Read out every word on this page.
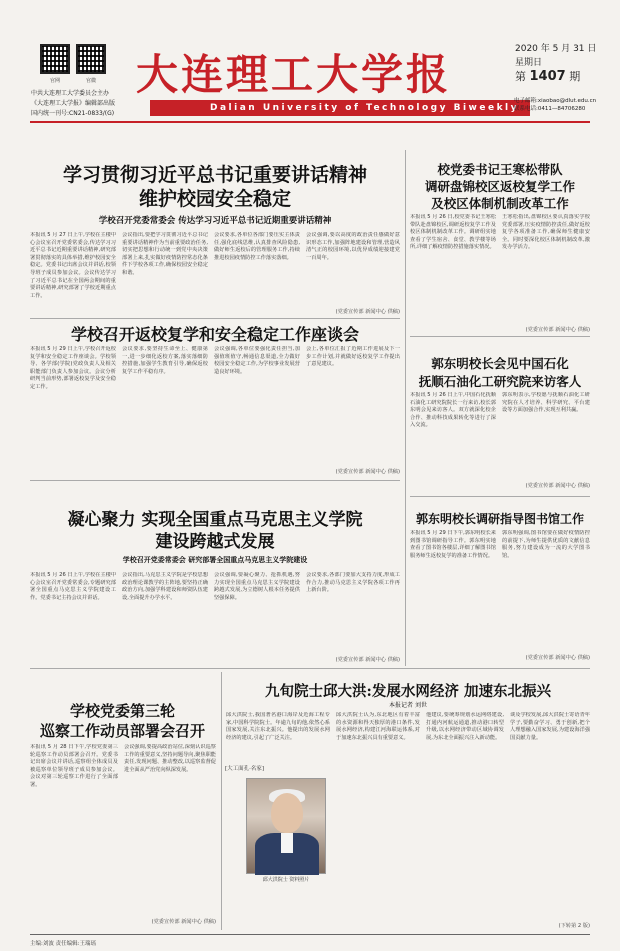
官网	官微
中共大连理工大学委员会主办
《大连理工大学报》编辑部出版
国内统一刊号:CN21-0833/(G)
大连理工大学报
Dalian University of Technology Biweekly
2020 年 5 月 31 日
星期日
第 1407 期
电子邮箱:xiaobao@dlut.edu.cn
联系电话:0411—84706280
学习贯彻习近平总书记重要讲话精神
维护校园安全稳定
学校召开党委常委会 传达学习习近平总书记近期重要讲话精神
本报讯 5 月 27 日上午,学校在主楼中心会议室召开党委常委会,传达学习习近平总书记近期重要讲话精神,研究部署贯彻落实的具体举措,维护校园安全稳定。党委书记出席会议并讲话,校领导班子成员参加会议。会议传达学习了习近平总书记在全国两会期间的重要讲话精神,研究部署了学校近期重点工作。
会议指出,要把学习贯彻习近平总书记重要讲话精神作为当前重要政治任务,切实把思想和行动统一到党中央决策部署上来,扎实做好疫情防控常态化条件下学校各项工作,确保校园安全稳定和谐。
会议要求,各单位各部门要压实主体责任,强化底线思维,认真排查风险隐患,做好师生返校后的管理服务工作,持续推进校园疫情防控工作落实落细。
会议强调,要以高度的政治责任感做好意识形态工作,加强阵地建设和管理,营造风清气正的校园环境,以优异成绩迎接建党一百周年。
(党委宣传部 新闻中心 供稿)
学校召开返校复学和安全稳定工作座谈会
本报讯 5 月 29 日上午,学校召开返校复学和安全稳定工作座谈会。学校领导、各学部(学院)党政负责人及相关职能部门负责人参加会议。会议分析研判当前形势,部署返校复学及安全稳定工作。
会议要求,要坚持生命至上、健康第一,进一步细化返校方案,落实落细防控措施,加强学生教育引导,确保返校复学工作平稳有序。
会议强调,各单位要强化责任担当,加强值班值守,畅通信息渠道,全力做好校园安全稳定工作,为学校事业发展营造良好环境。
会上,各单位汇报了近期工作进展及下一步工作计划,并就做好返校复学工作提出了意见建议。
(党委宣传部 新闻中心 供稿)
凝心聚力 实现全国重点马克思主义学院
建设跨越式发展
学校召开党委常委会 研究部署全国重点马克思主义学院建设
本报讯 5 月 26 日上午,学校在主楼中心会议室召开党委常委会,专题研究部署全国重点马克思主义学院建设工作。党委书记主持会议并讲话。
会议指出,马克思主义学院是学校思想政治理论课教学的主阵地,要坚持正确政治方向,加强学科建设和师资队伍建设,全面提升办学水平。
会议强调,要凝心聚力、抢抓机遇,努力实现全国重点马克思主义学院建设跨越式发展,为立德树人根本任务提供坚强保障。
会议要求,各部门要加大支持力度,形成工作合力,推动马克思主义学院各项工作再上新台阶。
(党委宣传部 新闻中心 供稿)
学校党委第三轮
巡察工作动员部署会召开
本报讯 5 月 28 日下午,学校党委第三轮巡察工作动员部署会召开。党委书记出席会议并讲话,巡察组全体成员及被巡察单位领导班子成员参加会议。会议对第三轮巡察工作进行了全面部署。
会议强调,要提高政治站位,深刻认识巡察工作的重要意义,坚持问题导向,聚焦职能责任,发现问题、推动整改,以巡察监督促进全面从严治党向纵深发展。
(党委宣传部 新闻中心 供稿)
[大工面孔·名家]
九旬院士邱大洪:发展水网经济 加速东北振兴
本报记者 刘世
邱大洪院士,我国著名港口海岸及近海工程专家,中国科学院院士。年逾九旬的他,依然心系国家发展,关注东北振兴。他提出的发展水网经济的建议,引起了广泛关注。
邱大洪院士 资料照片
邱大洪院士认为,东北地区有着丰富的水资源和得天独厚的港口条件,发展水网经济,构建江河海联运体系,对于加速东北振兴具有重要意义。
他建议,要统筹规划水运网络建设,打通内河航运通道,推动港口转型升级,以水网经济带动区域协调发展,为东北全面振兴注入新动能。
谈及学校发展,邱大洪院士寄语青年学子,要勤奋学习、勇于创新,把个人理想融入国家发展,为建设海洋强国贡献力量。
(下转第 2 版)
校党委书记王寒松带队
调研盘锦校区返校复学工作
及校区体制机制改革工作
本报讯 5 月 26 日,校党委书记王寒松带队赴盘锦校区,调研返校复学工作及校区体制机制改革工作。调研组实地查看了学生宿舍、食堂、教学楼等场所,详细了解疫情防控措施落实情况。
王寒松指出,盘锦校区要认真落实学校党委部署,压实疫情防控责任,做好返校复学各项准备工作,确保师生健康安全。同时要深化校区体制机制改革,激发办学活力。
(党委宣传部 新闻中心 供稿)
郭东明校长会见中国石化
抚顺石油化工研究院来访客人
本报讯 5 月 26 日上午,中国石化抚顺石油化工研究院院长一行来访,校长郭东明会见来访客人。双方就深化校企合作、推动科技成果转化等进行了深入交流。
郭东明表示,学校愿与抚顺石油化工研究院在人才培养、科学研究、平台建设等方面加强合作,实现互利共赢。
(党委宣传部 新闻中心 供稿)
郭东明校长调研指导图书馆工作
本报讯 5 月 29 日下午,郭东明校长来到图书馆调研指导工作。郭东明实地查看了图书馆各楼层,详细了解图书馆服务师生返校复学的准备工作情况。
郭东明强调,图书馆要在做好疫情防控的前提下,为师生提供优质的文献信息服务,努力建设成为一流的大学图书馆。
(党委宣传部 新闻中心 供稿)
主编:刘波 责任编辑:王瑞瑶
